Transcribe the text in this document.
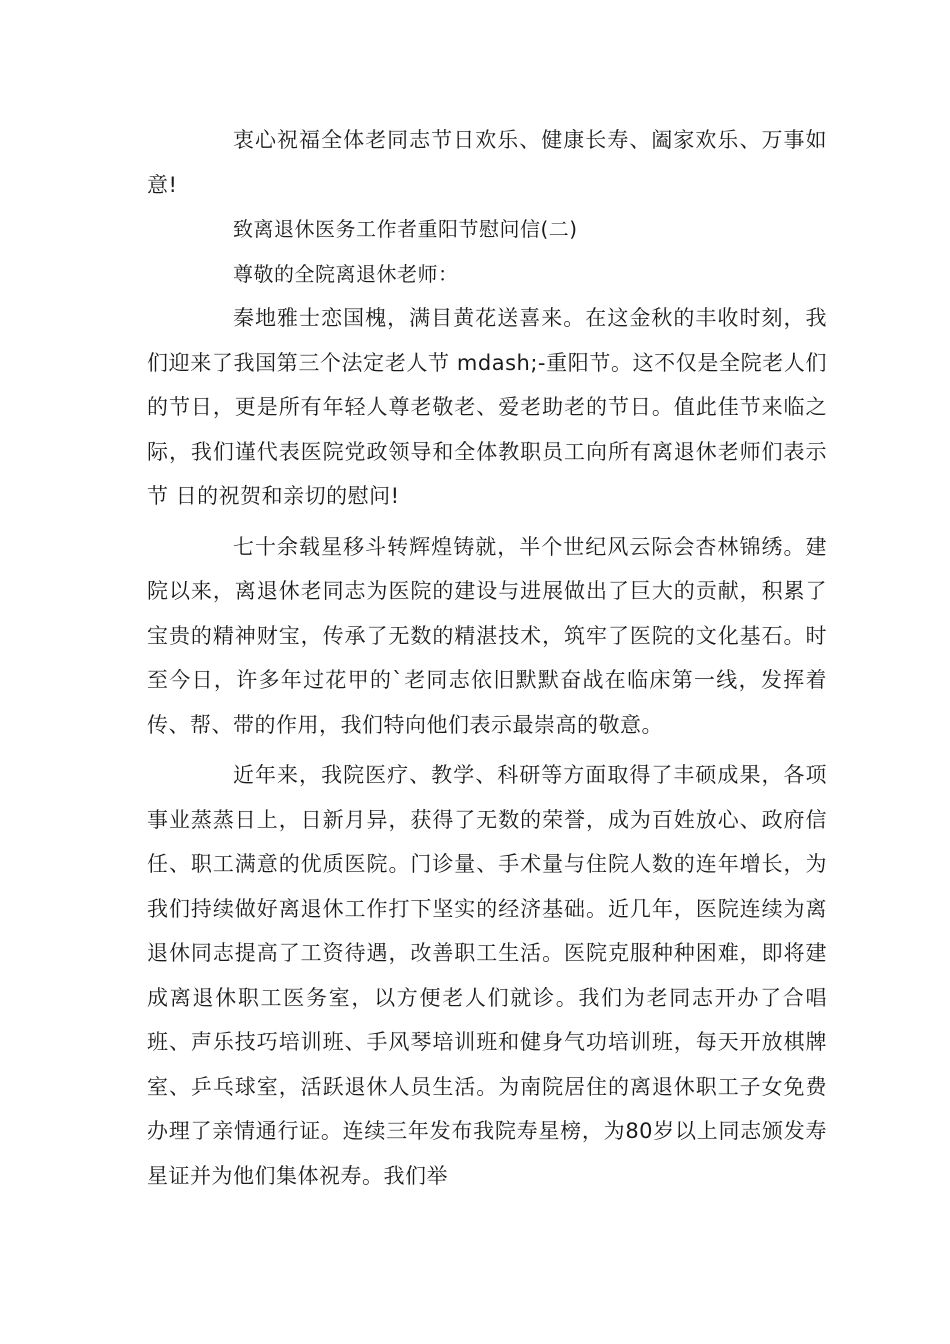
衷心祝福全体老同志节日欢乐、健康长寿、阖家欢乐、万事如意!

致离退休医务工作者重阳节慰问信(二)

尊敬的全院离退休老师：

秦地雅士恋国槐，满目黄花送喜来。在这金秋的丰收时刻，我们迎来了我国第三个法定老人节 mdash;-重阳节。这不仅是全院老人们的节日，更是所有年轻人尊老敬老、爱老助老的节日。值此佳节来临之际，我们谨代表医院党政领导和全体教职员工向所有离退休老师们表示节 日的祝贺和亲切的慰问!

七十余载星移斗转辉煌铸就，半个世纪风云际会杏林锦绣。建院以来，离退休老同志为医院的建设与进展做出了巨大的贡献，积累了宝贵的精神财宝，传承了无数的精湛技术，筑牢了医院的文化基石。时至今日，许多年过花甲的`老同志依旧默默奋战在临床第一线，发挥着传、帮、带的作用，我们特向他们表示最崇高的敬意。

近年来，我院医疗、教学、科研等方面取得了丰硕成果，各项事业蒸蒸日上，日新月异，获得了无数的荣誉，成为百姓放心、政府信任、职工满意的优质医院。门诊量、手术量与住院人数的连年增长，为我们持续做好离退休工作打下坚实的经济基础。近几年，医院连续为离退休同志提高了工资待遇，改善职工生活。医院克服种种困难，即将建成离退休职工医务室，以方便老人们就诊。我们为老同志开办了合唱班、声乐技巧培训班、手风琴培训班和健身气功培训班，每天开放棋牌室、乒乓球室，活跃退休人员生活。为南院居住的离退休职工子女免费办理了亲情通行证。连续三年发布我院寿星榜，为80岁以上同志颁发寿星证并为他们集体祝寿。我们举
